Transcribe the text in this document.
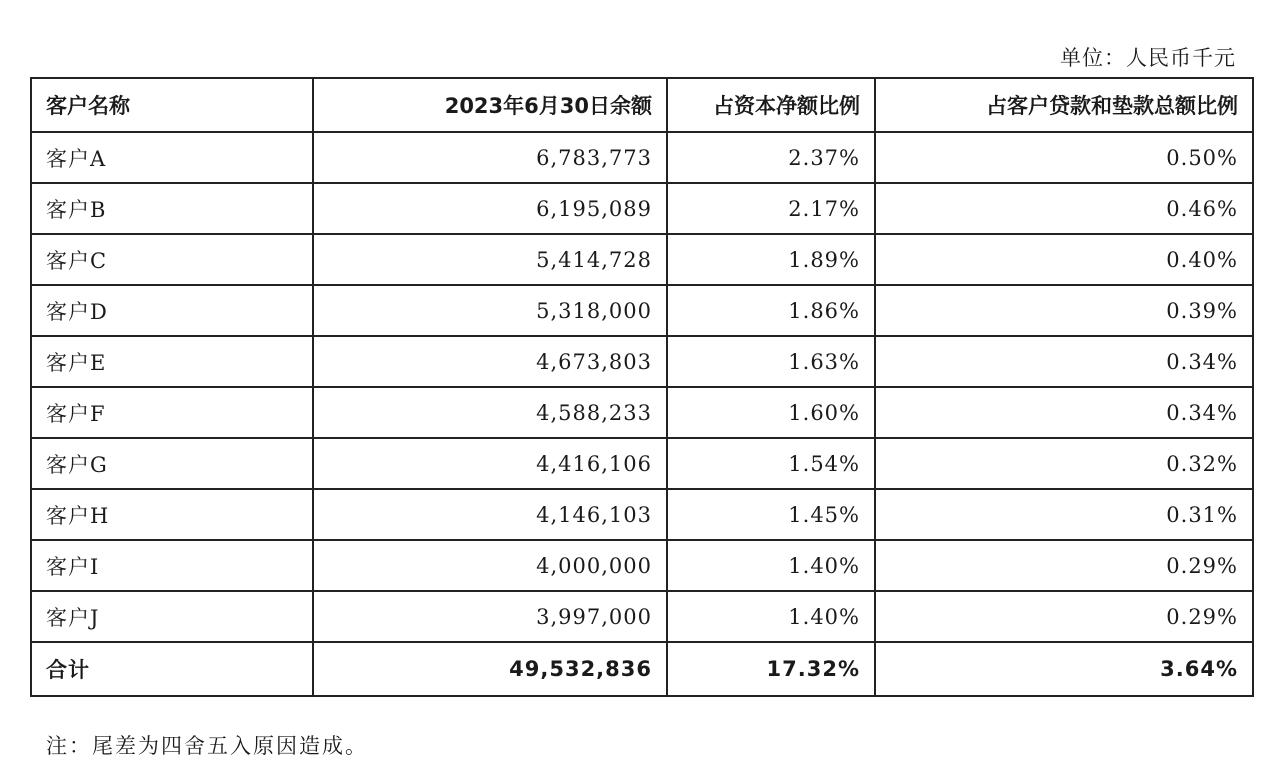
单位：人民币千元
客户名称	2023年6月30日余额	占资本净额比例	占客户贷款和垫款总额比例
客户A	6,783,773	2.37%	0.50%
客户B	6,195,089	2.17%	0.46%
客户C	5,414,728	1.89%	0.40%
客户D	5,318,000	1.86%	0.39%
客户E	4,673,803	1.63%	0.34%
客户F	4,588,233	1.60%	0.34%
客户G	4,416,106	1.54%	0.32%
客户H	4,146,103	1.45%	0.31%
客户I	4,000,000	1.40%	0.29%
客户J	3,997,000	1.40%	0.29%
合计	49,532,836	17.32%	3.64%
注：尾差为四舍五入原因造成。
